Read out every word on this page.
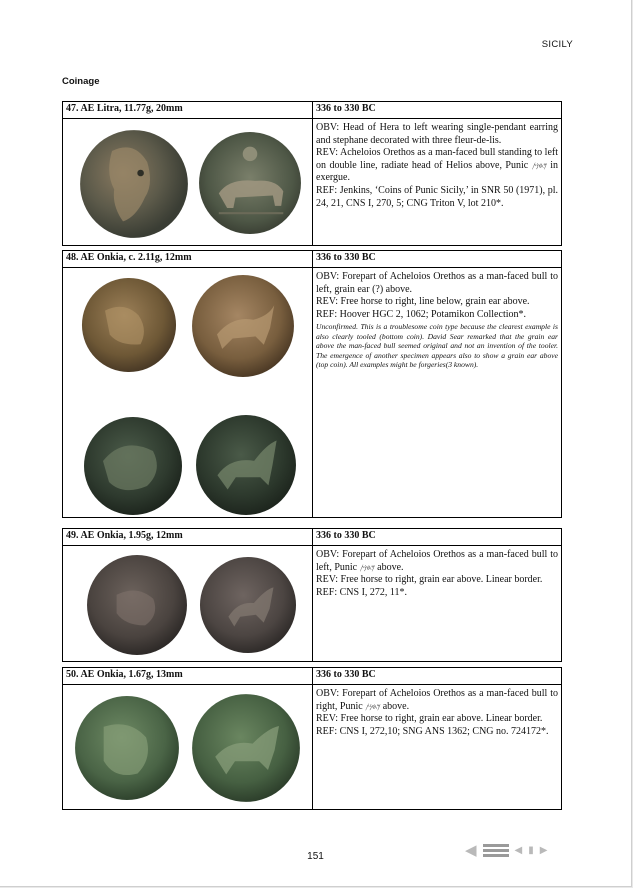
SICILY
Coinage
47. AE Litra, 11.77g, 20mm	336 to 330 BC

OBV: Head of Hera to left wearing single-pendant earring and stephane decorated with three fleur-de-lis.

REV: Acheloios Orethos as a man-faced bull standing to left on double line, radiate head of Helios above, Punic 𐤌𐤇𐤍𐤕 in exergue.

REF: Jenkins, ‘Coins of Punic Sicily,’ in SNR 50 (1971), pl. 24, 21, CNS I, 270, 5; CNG Triton V, lot 210*.

48. AE Onkia, c. 2.11g, 12mm	336 to 330 BC

OBV: Forepart of Acheloios Orethos as a man-faced bull to left, grain ear (?) above.

REV: Free horse to right, line below, grain ear above.

REF: Hoover HGC 2, 1062; Potamikon Collection*.

Unconfirmed. This is a troublesome coin type because the clearest example is also clearly tooled (bottom coin). David Sear remarked that the grain ear above the man-faced bull seemed original and not an invention of the tooler. The emergence of another specimen appears also to show a grain ear above (top coin). All examples might be forgeries(3 known).

49. AE Onkia, 1.95g, 12mm	336 to 330 BC

OBV: Forepart of Acheloios Orethos as a man-faced bull to left, Punic 𐤌𐤇𐤍𐤕 above.

REV: Free horse to right, grain ear above. Linear border.

REF: CNS I, 272, 11*.

50. AE Onkia, 1.67g, 13mm	336 to 330 BC

OBV: Forepart of Acheloios Orethos as a man-faced bull to right, Punic 𐤌𐤇𐤍𐤕 above.

REV: Free horse to right, grain ear above. Linear border.

REF: CNS I, 272,10; SNG ANS 1362; CNG no. 724172*.

151	◀	◀ ▮ ▶
